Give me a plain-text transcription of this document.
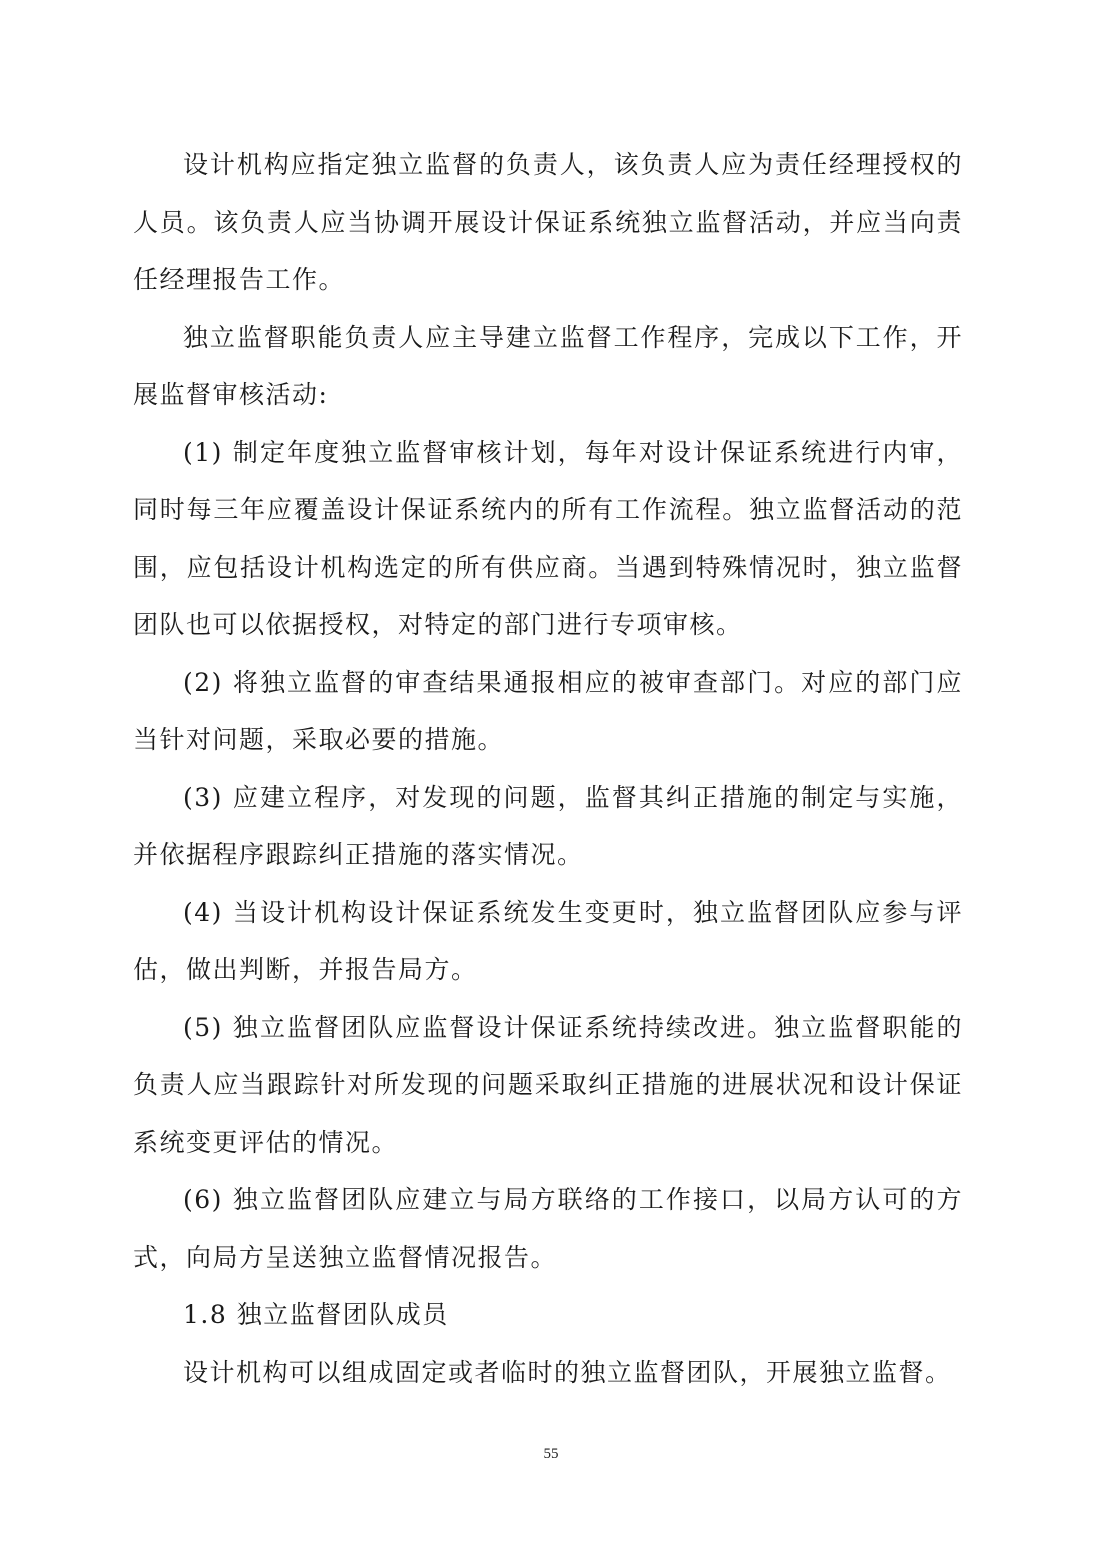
设计机构应指定独立监督的负责人，该负责人应为责任经理授权的人员。该负责人应当协调开展设计保证系统独立监督活动，并应当向责任经理报告工作。

独立监督职能负责人应主导建立监督工作程序，完成以下工作，开展监督审核活动:

(1) 制定年度独立监督审核计划，每年对设计保证系统进行内审，同时每三年应覆盖设计保证系统内的所有工作流程。独立监督活动的范围，应包括设计机构选定的所有供应商。当遇到特殊情况时，独立监督团队也可以依据授权，对特定的部门进行专项审核。

(2) 将独立监督的审查结果通报相应的被审查部门。对应的部门应当针对问题，采取必要的措施。

(3) 应建立程序，对发现的问题，监督其纠正措施的制定与实施，并依据程序跟踪纠正措施的落实情况。

(4) 当设计机构设计保证系统发生变更时，独立监督团队应参与评估，做出判断，并报告局方。

(5) 独立监督团队应监督设计保证系统持续改进。独立监督职能的负责人应当跟踪针对所发现的问题采取纠正措施的进展状况和设计保证系统变更评估的情况。

(6) 独立监督团队应建立与局方联络的工作接口，以局方认可的方式，向局方呈送独立监督情况报告。

1.8 独立监督团队成员

设计机构可以组成固定或者临时的独立监督团队，开展独立监督。

55
